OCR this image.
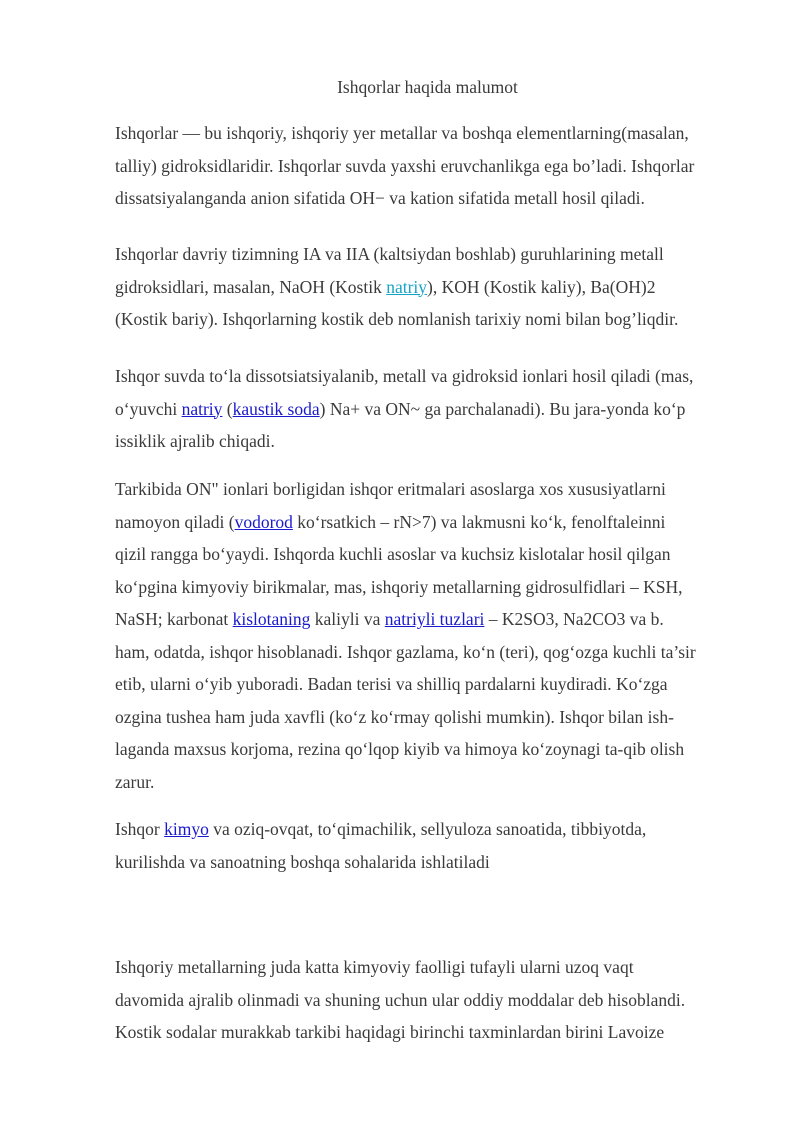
Ishqorlar haqida malumot

Ishqorlar — bu ishqoriy, ishqoriy yer metallar va boshqa elementlarning(masalan,
talliy) gidroksidlaridir. Ishqorlar suvda yaxshi eruvchanlikga ega bo’ladi. Ishqorlar
dissatsiyalanganda anion sifatida OH− va kation sifatida metall hosil qiladi.

Ishqorlar davriy tizimning IA va IIA (kaltsiydan boshlab) guruhlarining metall
gidroksidlari, masalan, NaOH (Kostik natriy), KOH (Kostik kaliy), Ba(OH)2
(Kostik bariy). Ishqorlarning kostik deb nomlanish tarixiy nomi bilan bog’liqdir.

Ishqor suvda to‘la dissotsiatsiyalanib, metall va gidroksid ionlari hosil qiladi (mas,
o‘yuvchi natriy (kaustik soda) Na+ va ON~ ga parchalanadi). Bu jara-yonda ko‘p
issiklik ajralib chiqadi.

Tarkibida ON" ionlari borligidan ishqor eritmalari asoslarga xos xususiyatlarni
namoyon qiladi (vodorod ko‘rsatkich – rN>7) va lakmusni ko‘k, fenolftaleinni
qizil rangga bo‘yaydi. Ishqorda kuchli asoslar va kuchsiz kislotalar hosil qilgan
ko‘pgina kimyoviy birikmalar, mas, ishqoriy metallarning gidrosulfidlari – KSH,
NaSH; karbonat kislotaning kaliyli va natriyli tuzlari – K2SO3, Na2CO3 va b.
ham, odatda, ishqor hisoblanadi. Ishqor gazlama, ko‘n (teri), qog‘ozga kuchli ta’sir
etib, ularni o‘yib yuboradi. Badan terisi va shilliq pardalarni kuydiradi. Ko‘zga
ozgina tushea ham juda xavfli (ko‘z ko‘rmay qolishi mumkin). Ishqor bilan ish-
laganda maxsus korjoma, rezina qo‘lqop kiyib va himoya ko‘zoynagi ta-qib olish
zarur.

Ishqor kimyo va oziq-ovqat, to‘qimachilik, sellyuloza sanoatida, tibbiyotda,
kurilishda va sanoatning boshqa sohalarida ishlatiladi

Ishqoriy metallarning juda katta kimyoviy faolligi tufayli ularni uzoq vaqt
davomida ajralib olinmadi va shuning uchun ular oddiy moddalar deb hisoblandi.
Kostik sodalar murakkab tarkibi haqidagi birinchi taxminlardan birini Lavoize
